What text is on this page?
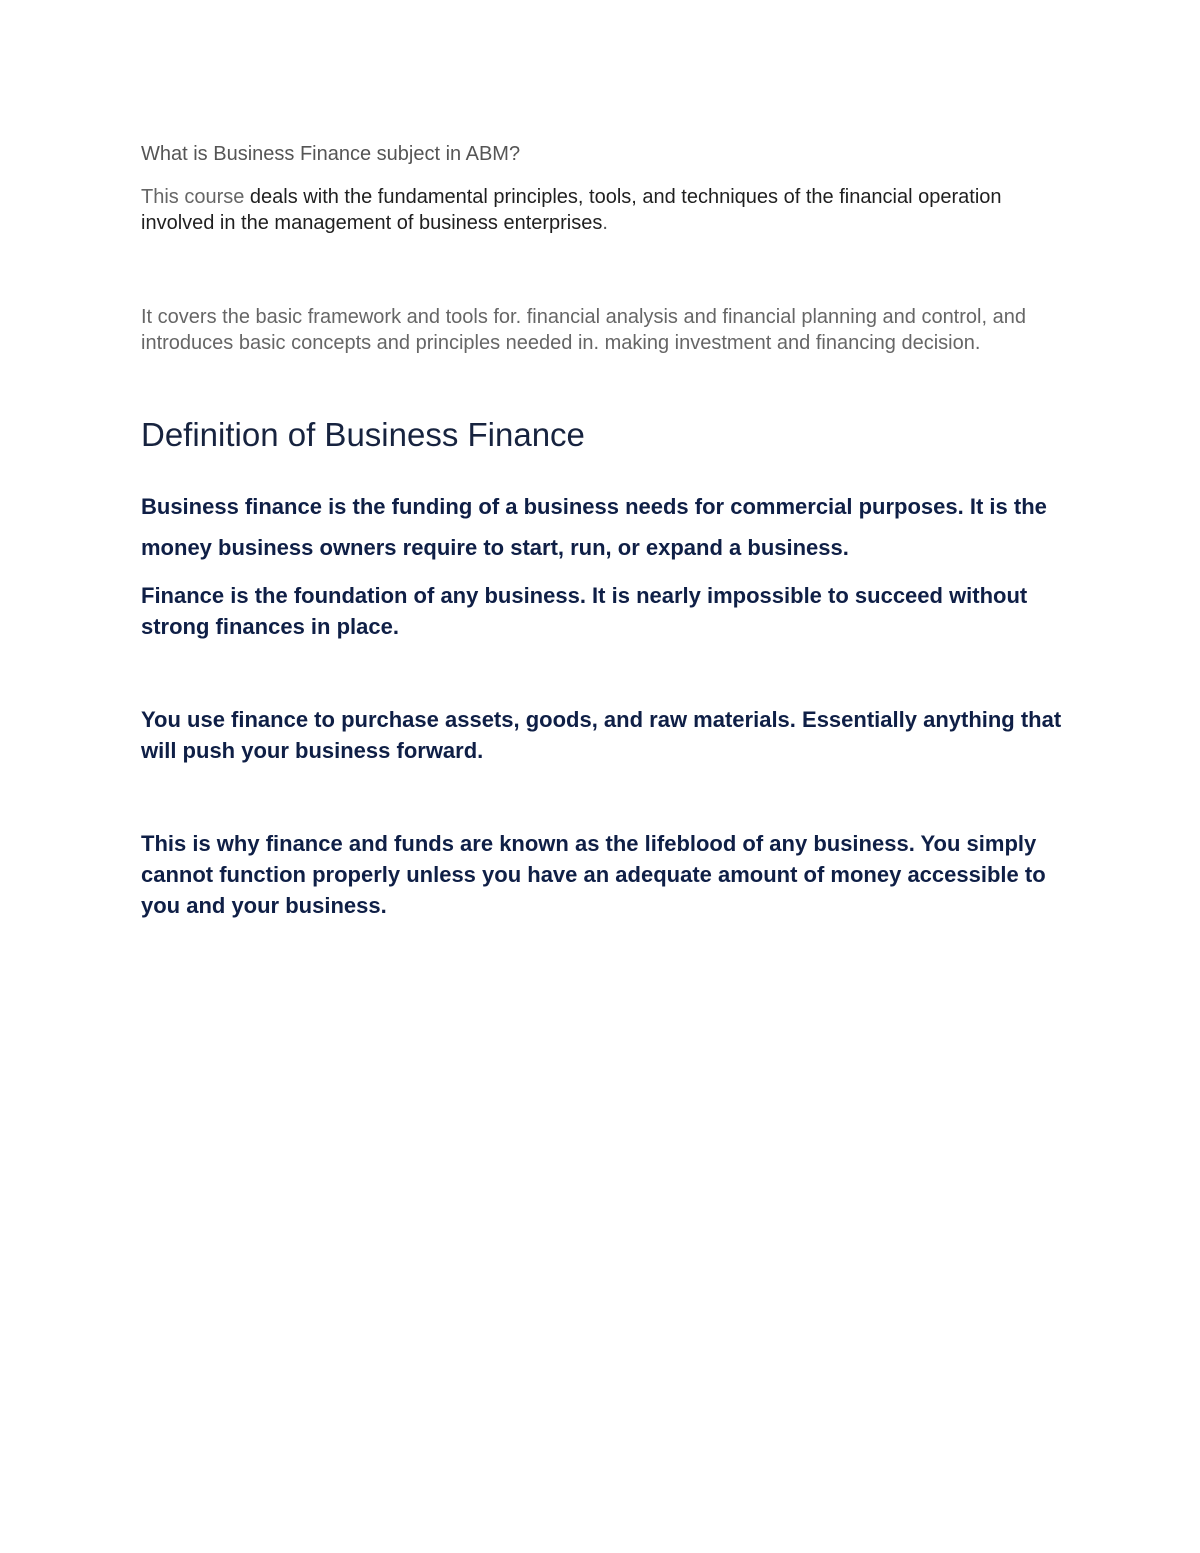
What is Business Finance subject in ABM?

This course deals with the fundamental principles, tools, and techniques of the financial operation involved in the management of business enterprises.

It covers the basic framework and tools for. financial analysis and financial planning and control, and introduces basic concepts and principles needed in. making investment and financing decision.

Definition of Business Finance

Business finance is the funding of a business needs for commercial purposes. It is the money business owners require to start, run, or expand a business.

Finance is the foundation of any business. It is nearly impossible to succeed without strong finances in place.

You use finance to purchase assets, goods, and raw materials. Essentially anything that will push your business forward.

This is why finance and funds are known as the lifeblood of any business. You simply cannot function properly unless you have an adequate amount of money accessible to you and your business.
